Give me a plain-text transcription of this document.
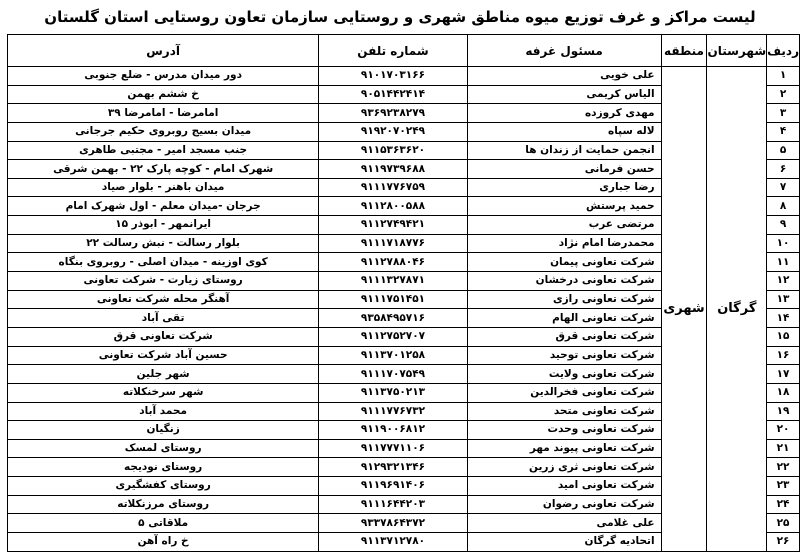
لیست مراکز و غرف توزیع میوه مناطق شهری و روستایی سازمان تعاون روستایی استان گلستان
ردیف	شهرستان	منطقه	مسئول غرفه	شماره تلفن	آدرس
۱	گرگان	شهری	علی خویی	۹۱۰۱۷۰۳۱۶۶	دور میدان مدرس - ضلع جنوبی
۲			الیاس کریمی	۹۰۵۱۴۴۲۴۱۴	خ ششم بهمن
۳			مهدی کروزده	۹۳۶۹۲۳۸۲۷۹	امامرضا - امامرضا ۳۹
۴			لاله سپاه	۹۱۹۲۰۷۰۲۴۹	میدان بسیج روبروی حکیم جرجانی
۵			انجمن حمایت از زندان ها	۹۱۱۵۳۶۳۶۲۰	جنب مسجد امیر - مجتبی طاهری
۶			حسن فرمانی	۹۱۱۹۷۳۹۶۸۸	شهرک امام - کوچه پارک ۲۲ - بهمن شرقی
۷			رضا جباری	۹۱۱۱۷۷۶۷۵۹	میدان باهنر - بلوار صیاد
۸			حمید پرستش	۹۱۱۲۸۰۰۵۸۸	جرجان -میدان معلم - اول شهرک امام
۹			مرتضی عرب	۹۱۱۲۷۴۹۴۲۱	ایرانمهر - ابوذر ۱۵
۱۰			محمدرضا امام نژاد	۹۱۱۱۷۱۸۷۷۶	بلوار رسالت - نبش رسالت ۲۲
۱۱			شرکت تعاونی پیمان	۹۱۱۲۷۸۸۰۴۶	کوی اوزینه - میدان اصلی - روبروی بنگاه
۱۲			شرکت تعاونی درخشان	۹۱۱۱۳۲۷۸۷۱	روستای زیارت - شرکت تعاونی
۱۳			شرکت تعاونی رازی	۹۱۱۱۷۵۱۴۵۱	آهنگر محله شرکت تعاونی
۱۴			شرکت تعاونی الهام	۹۳۵۸۴۹۵۷۱۶	تقی آباد
۱۵			شرکت تعاونی قرق	۹۱۱۲۷۵۲۷۰۷	شرکت تعاونی قرق
۱۶			شرکت تعاونی توحید	۹۱۱۳۷۰۱۲۵۸	حسین آباد شرکت تعاونی
۱۷			شرکت تعاونی ولایت	۹۱۱۱۷۰۷۵۴۹	شهر جلین
۱۸			شرکت تعاونی فخرالدین	۹۱۱۳۷۵۰۲۱۳	شهر سرخنکلاته
۱۹			شرکت تعاونی متحد	۹۱۱۱۷۷۶۷۳۲	محمد آباد
۲۰			شرکت تعاونی وحدت	۹۱۱۹۰۰۶۸۱۲	زنگیان
۲۱			شرکت تعاونی پیوند مهر	۹۱۱۷۷۷۱۱۰۶	روستای لمسک
۲۲			شرکت تعاونی ثری زرین	۹۱۲۹۳۲۱۳۴۶	روستای نودیجه
۲۳			شرکت تعاونی امید	۹۱۱۹۶۹۱۴۰۶	روستای کفشگیری
۲۴			شرکت تعاونی رضوان	۹۱۱۱۶۴۴۲۰۳	روستای مرزنکلاته
۲۵			علی غلامی	۹۳۳۷۸۶۴۳۷۲	ملاقاتی ۵
۲۶			اتحادیه گرگان	۹۱۱۳۷۱۲۷۸۰	خ راه آهن
